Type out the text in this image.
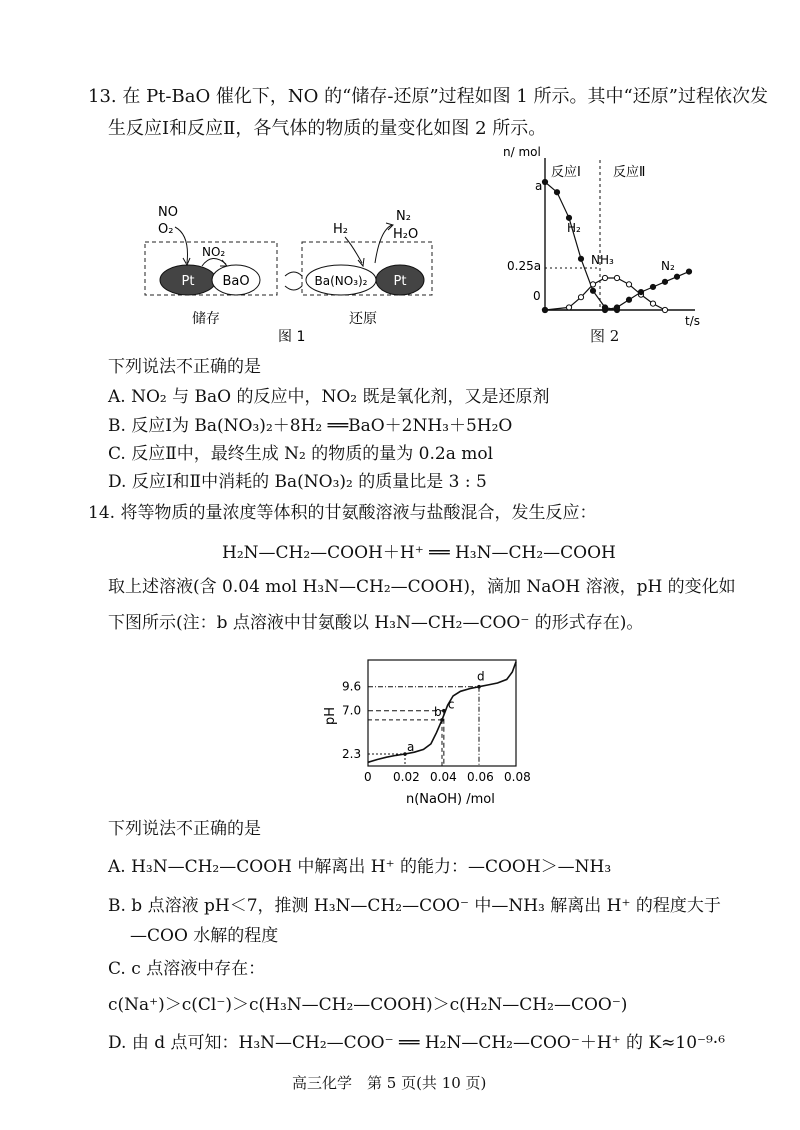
13. 在 Pt-BaO 催化下，NO 的“储存-还原”过程如图 1 所示。其中“还原”过程依次发
生反应Ⅰ和反应Ⅱ，各气体的物质的量变化如图 2 所示。
Pt BaO	Ba(NO₃)₂ Pt
NO
O₂
NO₂
H₂
N₂
H₂O
储存	还原
图 1
n/ mol
t/s
a
0.25a
0
反应Ⅰ 反应Ⅱ
H₂
NH₃	N₂
图 2
下列说法不正确的是
A. NO₂ 与 BaO 的反应中，NO₂ 既是氧化剂，又是还原剂
B. 反应Ⅰ为 Ba(NO₃)₂＋8H₂ ══BaO＋2NH₃＋5H₂O
C. 反应Ⅱ中，最终生成 N₂ 的物质的量为 0.2a mol
D. 反应Ⅰ和Ⅱ中消耗的 Ba(NO₃)₂ 的质量比是 3 : 5
14. 将等物质的量浓度等体积的甘氨酸溶液与盐酸混合，发生反应：
H₂N—CH₂—COOH＋H⁺ ══ H₃N—CH₂—COOH
取上述溶液(含 0.04 mol H₃N—CH₂—COOH)，滴加 NaOH 溶液，pH 的变化如
下图所示(注：b 点溶液中甘氨酸以 H₃N—CH₂—COO⁻ 的形式存在)。
0 0.02 0.04 0.06 0.08
2.3
7.0
9.6
a
b
c
d
pH
n(NaOH) /mol
下列说法不正确的是
A. H₃N—CH₂—COOH 中解离出 H⁺ 的能力：—COOH＞—NH₃
B. b 点溶液 pH＜7，推测 H₃N—CH₂—COO⁻ 中—NH₃ 解离出 H⁺ 的程度大于
—COO 水解的程度
C. c 点溶液中存在：
c(Na⁺)＞c(Cl⁻)＞c(H₃N—CH₂—COOH)＞c(H₂N—CH₂—COO⁻)
D. 由 d 点可知：H₃N—CH₂—COO⁻ ══ H₂N—CH₂—COO⁻＋H⁺ 的 K≈10⁻⁹·⁶
高三化学　第 5 页(共 10 页)
